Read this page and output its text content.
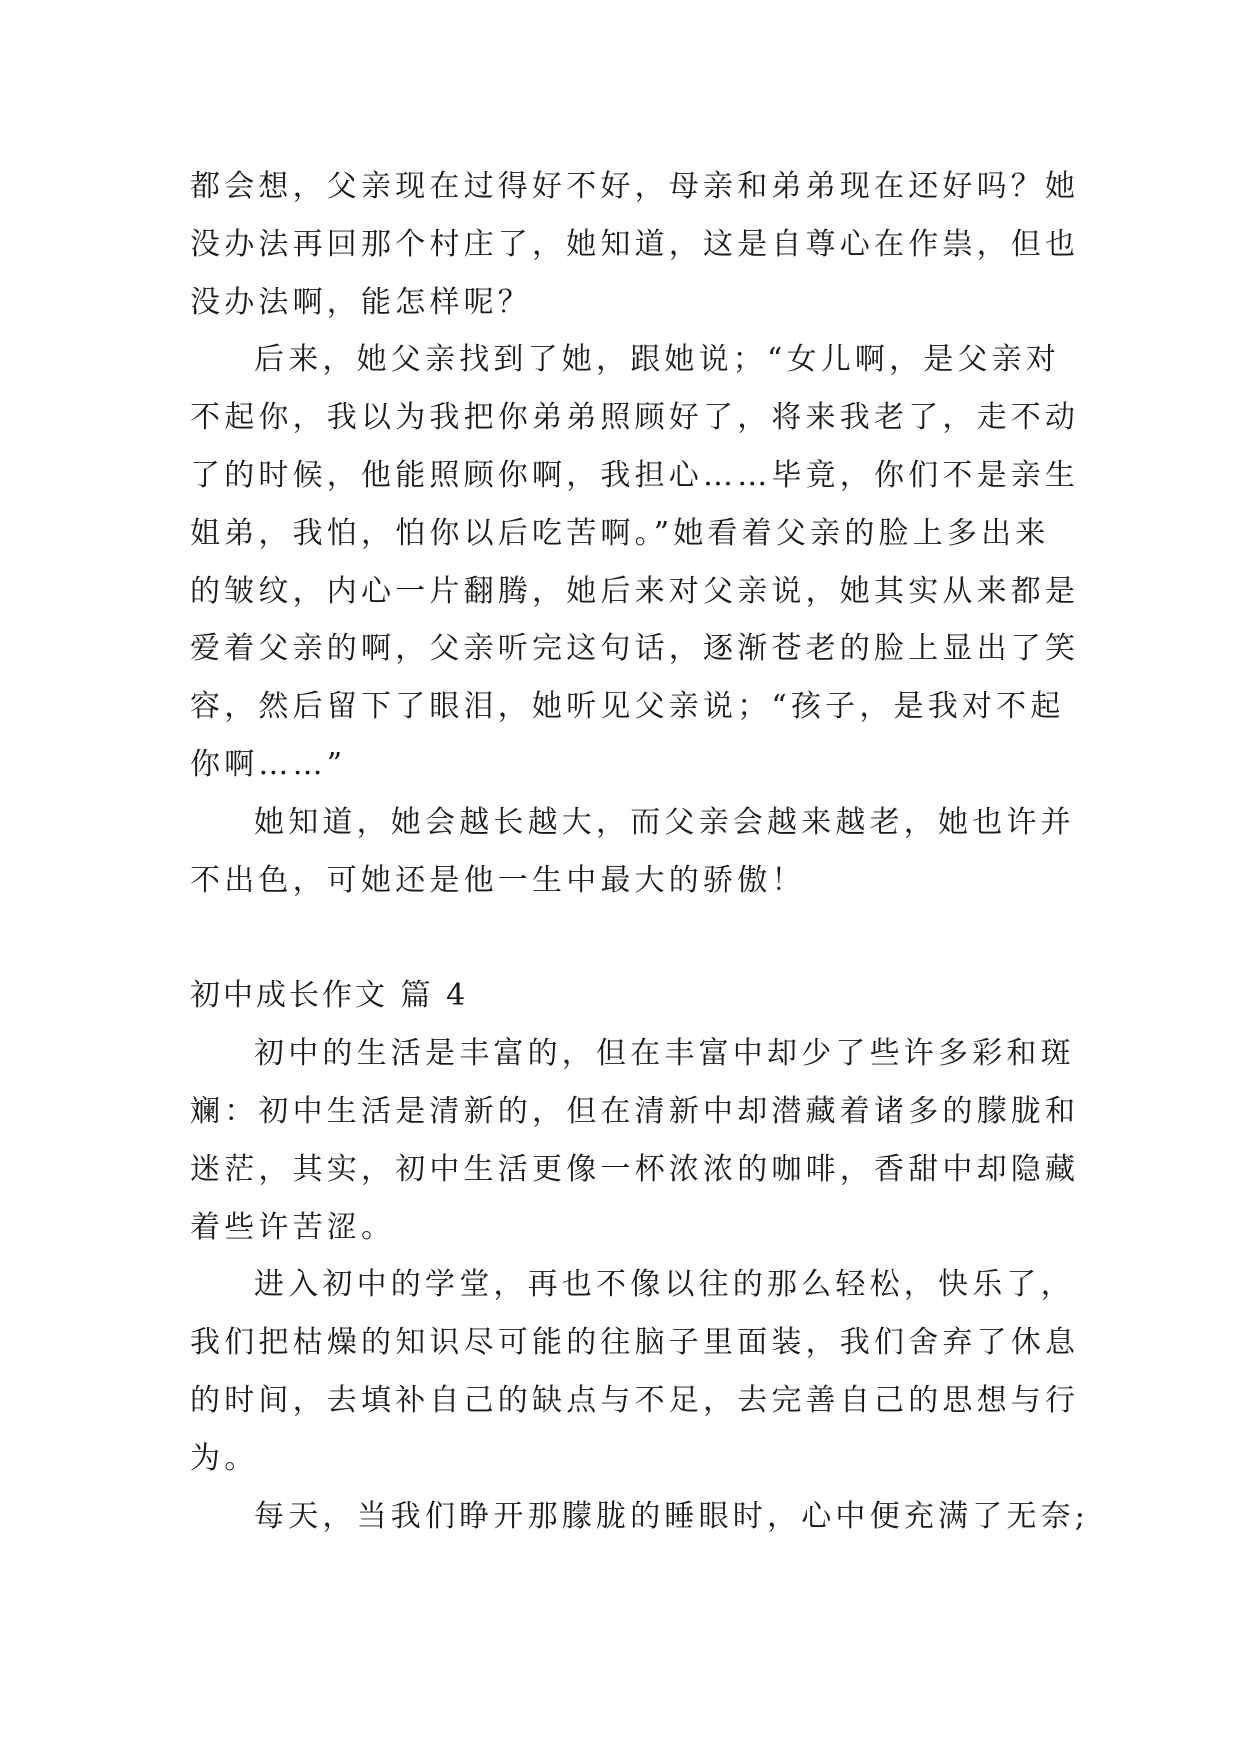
都会想，父亲现在过得好不好，母亲和弟弟现在还好吗？她
没办法再回那个村庄了，她知道，这是自尊心在作祟，但也
没办法啊，能怎样呢？
后来，她父亲找到了她，跟她说；“女儿啊，是父亲对
不起你，我以为我把你弟弟照顾好了，将来我老了，走不动
了的时候，他能照顾你啊，我担心……毕竟，你们不是亲生
姐弟，我怕，怕你以后吃苦啊。”她看着父亲的脸上多出来
的皱纹，内心一片翻腾，她后来对父亲说，她其实从来都是
爱着父亲的啊，父亲听完这句话，逐渐苍老的脸上显出了笑
容，然后留下了眼泪，她听见父亲说；“孩子，是我对不起
你啊……”
她知道，她会越长越大，而父亲会越来越老，她也许并
不出色，可她还是他一生中最大的骄傲！
初中成长作文 篇 4
初中的生活是丰富的，但在丰富中却少了些许多彩和斑
斓：初中生活是清新的，但在清新中却潜藏着诸多的朦胧和
迷茫，其实，初中生活更像一杯浓浓的咖啡，香甜中却隐藏
着些许苦涩。
进入初中的学堂，再也不像以往的那么轻松，快乐了，
我们把枯燥的知识尽可能的往脑子里面装，我们舍弃了休息
的时间，去填补自己的缺点与不足，去完善自己的思想与行
为。
每天，当我们睁开那朦胧的睡眼时，心中便充满了无奈;
